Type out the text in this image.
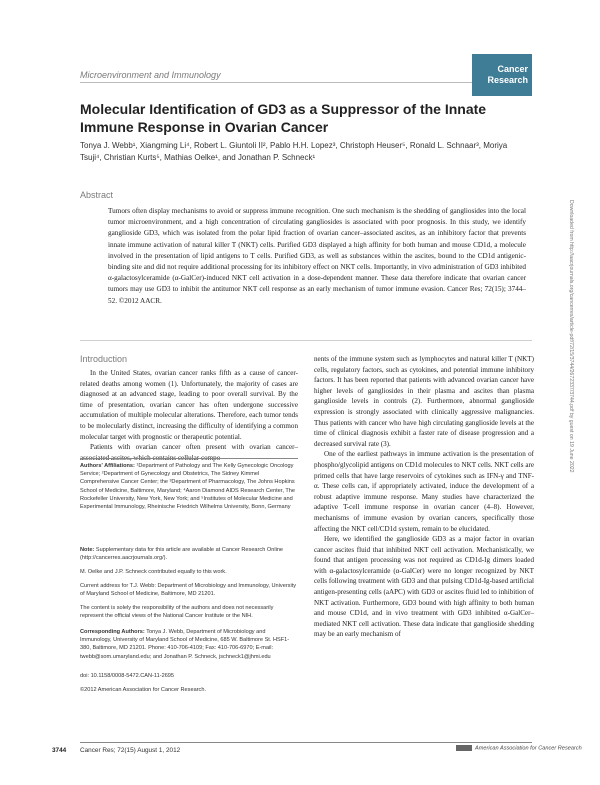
Microenvironment and Immunology
Cancer
Research
Molecular Identification of GD3 as a Suppressor of the Innate Immune Response in Ovarian Cancer
Tonya J. Webb¹, Xiangming Li⁴, Robert L. Giuntoli II², Pablo H.H. Lopez³, Christoph Heuser⁵, Ronald L. Schnaar³, Moriya Tsuji⁴, Christian Kurts⁵, Mathias Oelke¹, and Jonathan P. Schneck¹
Abstract
Tumors often display mechanisms to avoid or suppress immune recognition. One such mechanism is the shedding of gangliosides into the local tumor microenvironment, and a high concentration of circulating gangliosides is associated with poor prognosis. In this study, we identify ganglioside GD3, which was isolated from the polar lipid fraction of ovarian cancer–associated ascites, as an inhibitory factor that prevents innate immune activation of natural killer T (NKT) cells. Purified GD3 displayed a high affinity for both human and mouse CD1d, a molecule involved in the presentation of lipid antigens to T cells. Purified GD3, as well as substances within the ascites, bound to the CD1d antigenic-binding site and did not require additional processing for its inhibitory effect on NKT cells. Importantly, in vivo administration of GD3 inhibited α-galactosylceramide (α-GalCer)-induced NKT cell activation in a dose-dependent manner. These data therefore indicate that ovarian cancer tumors may use GD3 to inhibit the antitumor NKT cell response as an early mechanism of tumor immune evasion. Cancer Res; 72(15); 3744–52. ©2012 AACR.	Downloaded from http://aacrjournals.org/cancerres/article-pdf/72/15/3744/2672337/3744.pdf by guest on 19 June 2022
Introduction

In the United States, ovarian cancer ranks fifth as a cause of cancer-related deaths among women (1). Unfortunately, the majority of cases are diagnosed at an advanced stage, leading to poor overall survival. By the time of presentation, ovarian cancer has often undergone successive accumulation of multiple molecular alterations. Therefore, each tumor tends to be molecularly distinct, increasing the difficulty of identifying a common molecular target with prognostic or therapeutic potential.

Patients with ovarian cancer often present with ovarian cancer–

Authors' Affiliations: ¹Department of Pathology and The Kelly Gynecologic Oncology Service; ²Department of Gynecology and Obstetrics, The Sidney Kimmel Comprehensive Cancer Center; the ³Department of Pharmacology, The Johns Hopkins School of Medicine, Baltimore, Maryland; ⁴Aaron Diamond AIDS Research Center, The Rockefeller University, New York, New York; and ⁵Institutes of Molecular Medicine and Experimental Immunology, Rheinische Friedrich Wilhelms University, Bonn, Germany
Note: Supplementary data for this article are available at Cancer Research Online (http://cancerres.aacrjournals.org/).
M. Oelke and J.P. Schneck contributed equally to this work.
Current address for T.J. Webb: Department of Microbiology and Immunology, University of Maryland School of Medicine, Baltimore, MD 21201.
The content is solely the responsibility of the authors and does not necessarily represent the official views of the National Cancer Institute or the NIH.
Corresponding Authors: Tonya J. Webb, Department of Microbiology and Immunology, University of Maryland School of Medicine, 685 W. Baltimore St. HSF1-380, Baltimore, MD 21201. Phone: 410-706-4109; Fax: 410-706-6970; E-mail: twebb@som.umaryland.edu; and Jonathan P. Schneck, jschneck1@jhmi.edu
doi: 10.1158/0008-5472.CAN-11-2695
©2012 American Association for Cancer Research.

nents of the immune system such as lymphocytes and natural killer T (NKT) cells, regulatory factors, such as cytokines, and potential immune inhibitory factors. It has been reported that patients with advanced ovarian cancer have higher levels of gangliosides in their plasma and ascites than plasma ganglioside levels in controls (2). Furthermore, abnormal ganglioside expression is strongly associated with clinically aggressive malignancies. Thus patients with cancer who have high circulating ganglioside levels at the time of clinical diagnosis exhibit a faster rate of disease progression and a decreased survival rate (3).

One of the earliest pathways in immune activation is the presentation of phospho/glycolipid antigens on CD1d molecules to NKT cells. NKT cells are primed cells that have large reservoirs of cytokines such as IFN-γ and TNF-α. These cells can, if appropriately activated, induce the development of a robust adaptive immune response. Many studies have characterized the adaptive T-cell immune response in ovarian cancer (4–8). However, mechanisms of immune evasion by ovarian cancers, specifically those affecting the NKT cell/CD1d system, remain to be elucidated.

Here, we identified the ganglioside GD3 as a major factor in ovarian cancer ascites fluid that inhibited NKT cell activation. Mechanistically, we found that antigen processing was not required as CD1d-Ig dimers loaded with α-galactosylceramide (α-GalCer) were no longer recognized by NKT cells following treatment with GD3 and that pulsing CD1d-Ig-based artificial antigen-presenting cells (aAPC) with GD3 or ascites fluid led to inhibition of NKT activation. Furthermore, GD3 bound with high affinity to both human and mouse CD1d, and in vivo treatment with GD3 inhibited α-GalCer–mediated NKT cell activation. These data indicate that ganglioside shedding may be an early mechanism of

3744 Cancer Res; 72(15) August 1, 2012	American Association for Cancer Research
